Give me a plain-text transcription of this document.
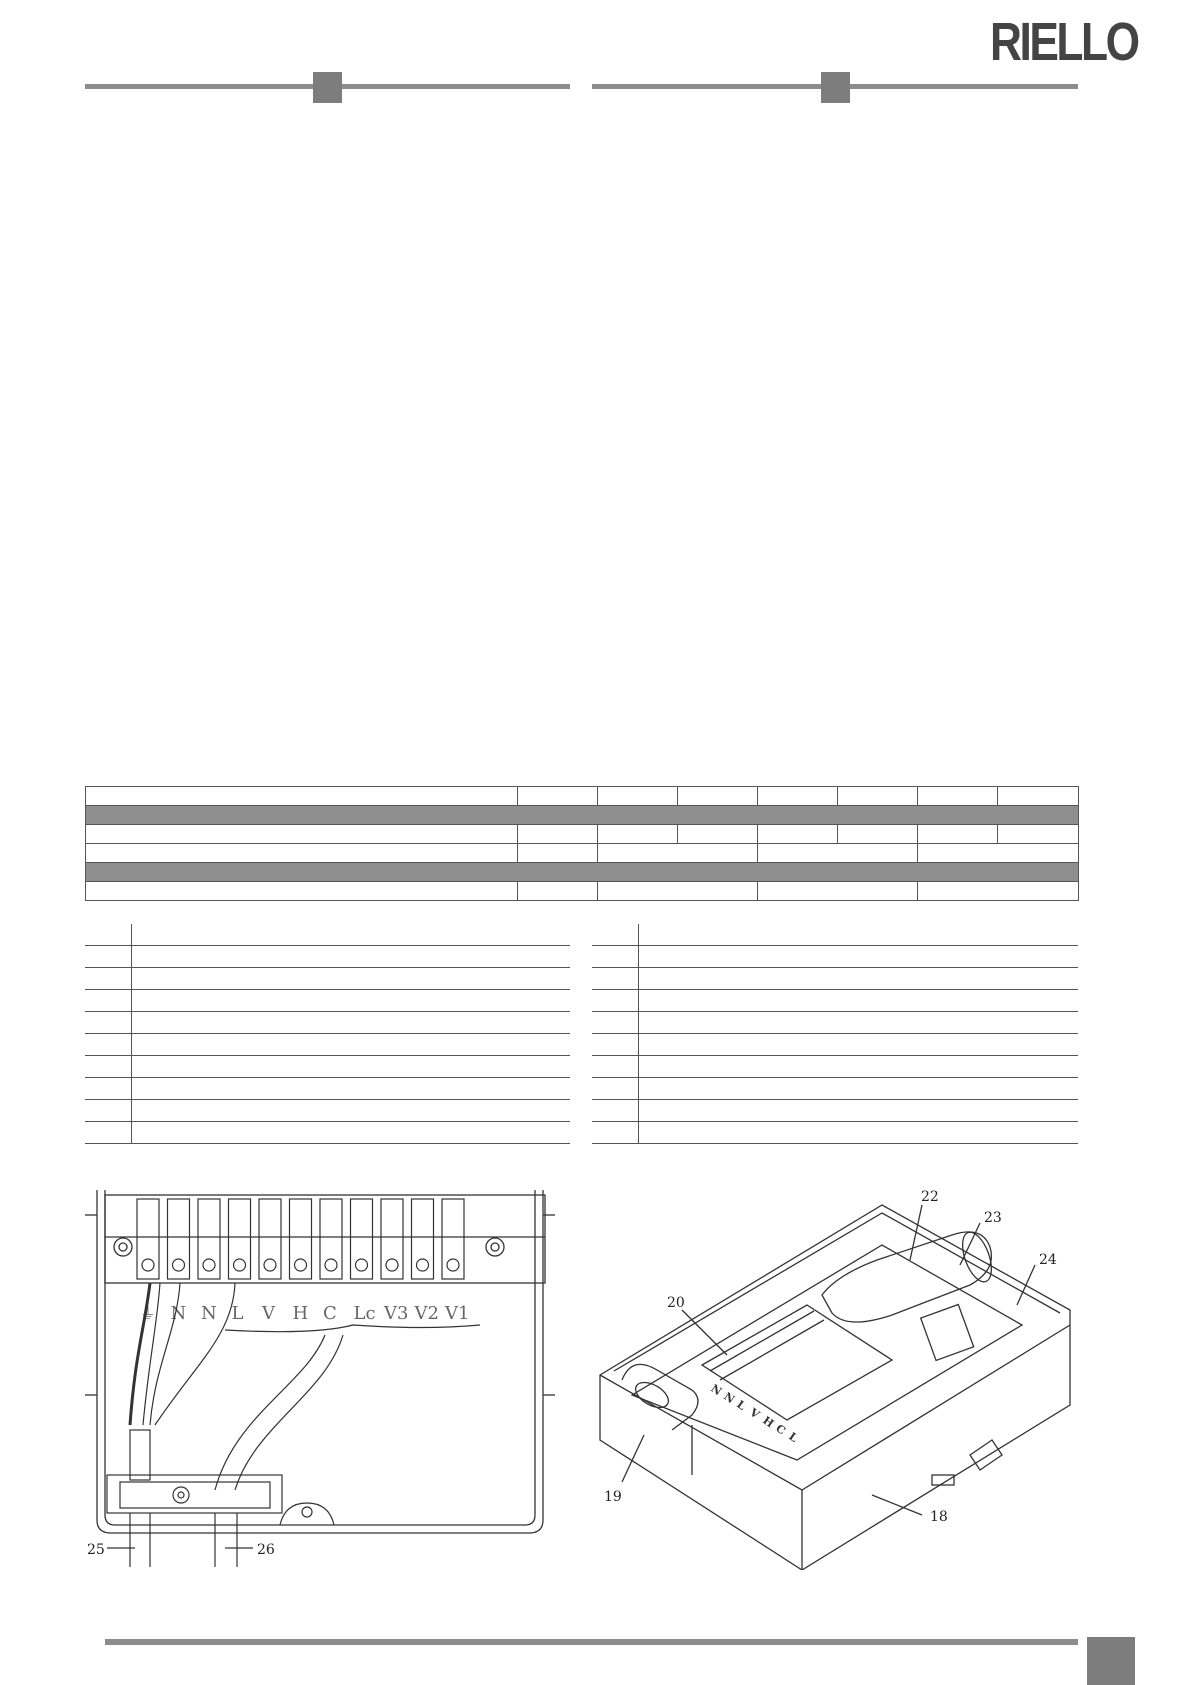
RIELLO

⏚ N N L V H C Lc V3 V2 V1
25	26
N
N
L
V
H
C
L
20
22
23
24
19
18
